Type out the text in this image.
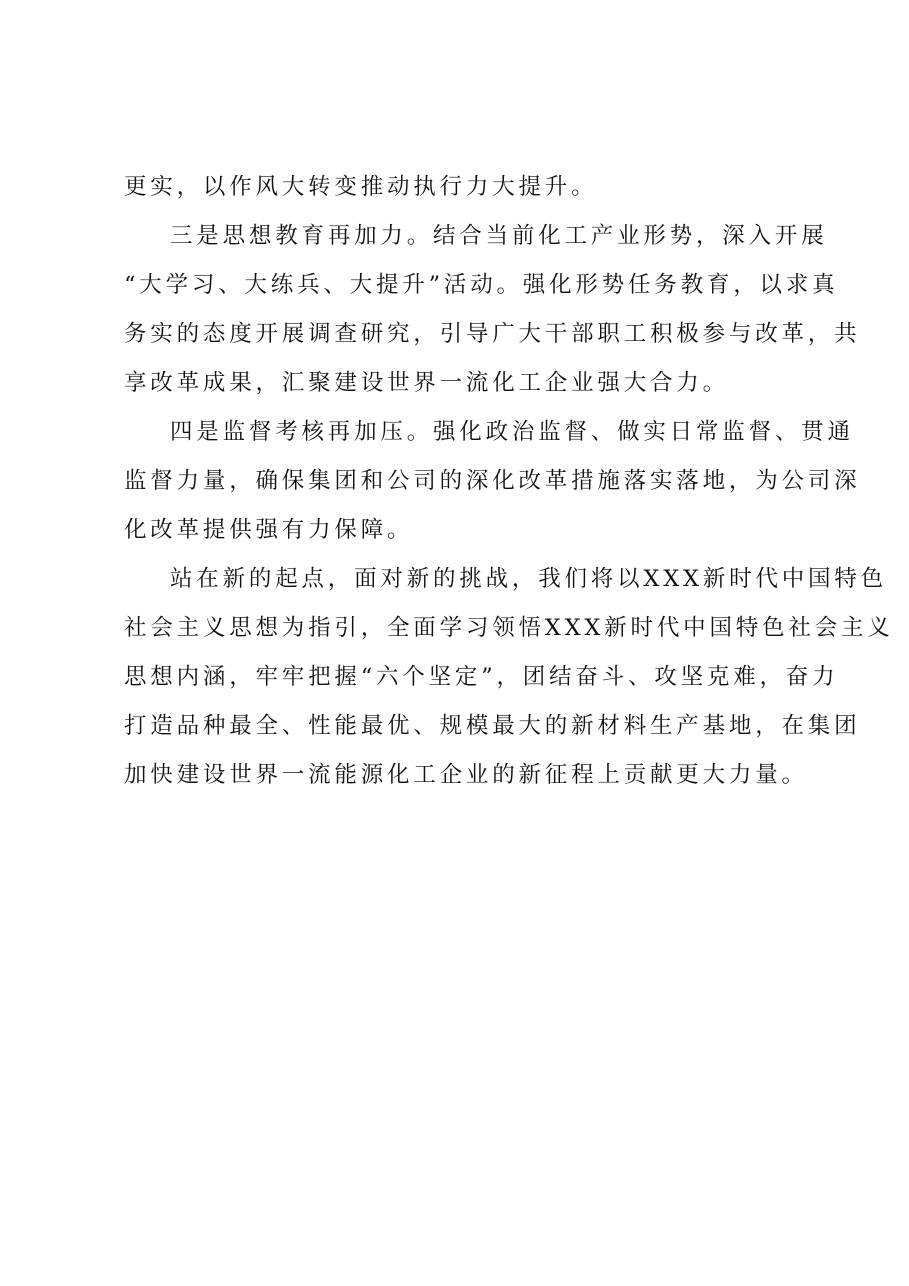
更实，以作风大转变推动执行力大提升。

三是思想教育再加力。结合当前化工产业形势，深入开展
“大学习、大练兵、大提升”活动。强化形势任务教育，以求真
务实的态度开展调查研究，引导广大干部职工积极参与改革，共
享改革成果，汇聚建设世界一流化工企业强大合力。

四是监督考核再加压。强化政治监督、做实日常监督、贯通
监督力量，确保集团和公司的深化改革措施落实落地，为公司深
化改革提供强有力保障。

站在新的起点，面对新的挑战，我们将以XXX新时代中国特色
社会主义思想为指引，全面学习领悟XXX新时代中国特色社会主义
思想内涵，牢牢把握“六个坚定”，团结奋斗、攻坚克难，奋力
打造品种最全、性能最优、规模最大的新材料生产基地，在集团
加快建设世界一流能源化工企业的新征程上贡献更大力量。
